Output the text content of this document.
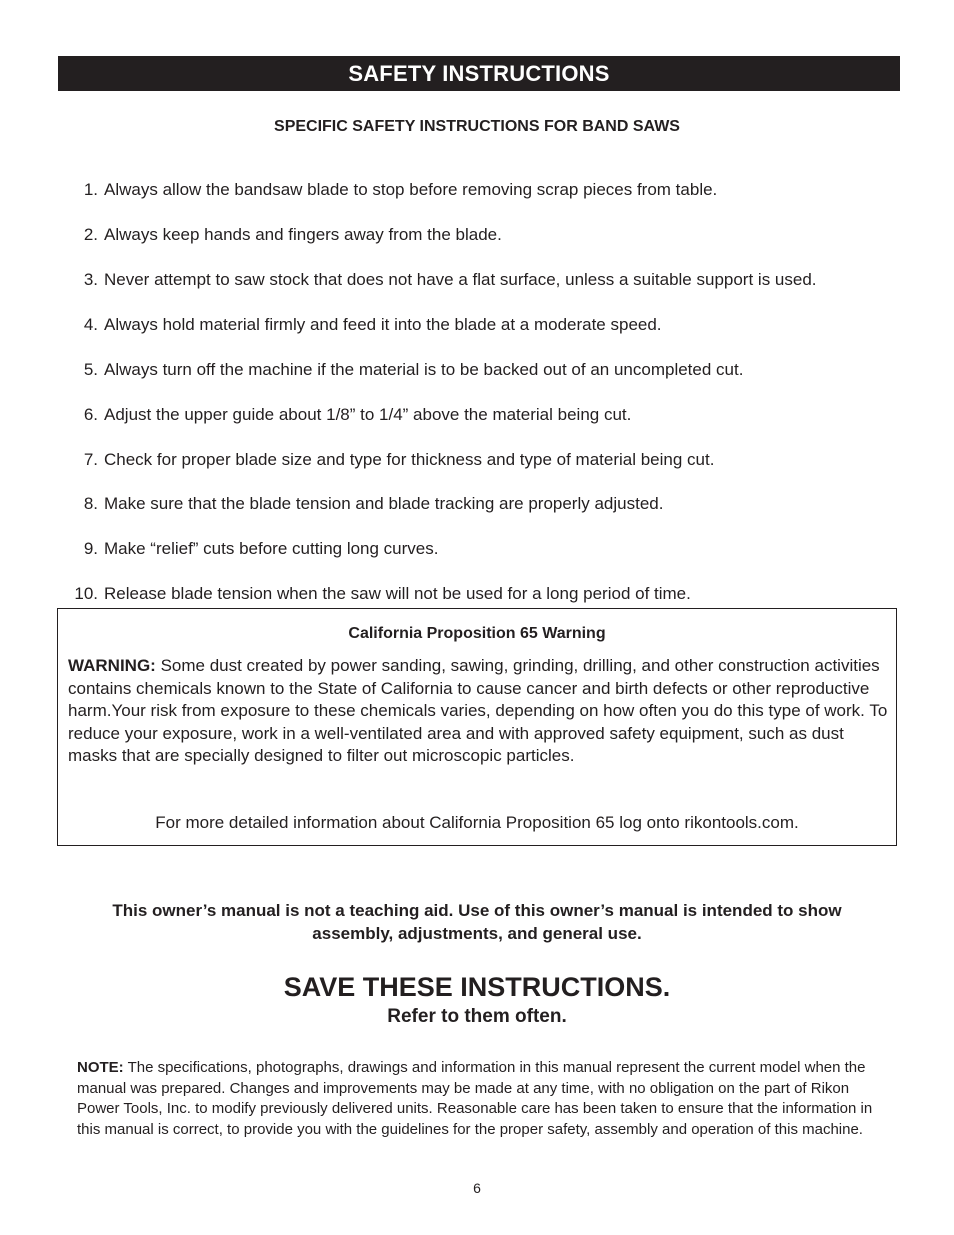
SAFETY INSTRUCTIONS
SPECIFIC SAFETY INSTRUCTIONS FOR BAND SAWS
1. Always allow the bandsaw blade to stop before removing scrap pieces from table.
2. Always keep hands and fingers away from the blade.
3. Never attempt to saw stock that does not have a flat surface, unless a suitable support is used.
4. Always hold material firmly and feed it into the blade at a moderate speed.
5. Always turn off the machine if the material is to be backed out of an uncompleted cut.
6. Adjust the upper guide about 1/8” to 1/4” above the material being cut.
7. Check for proper blade size and type for thickness and type of material being cut.
8. Make sure that the blade tension and blade tracking are properly adjusted.
9. Make “relief” cuts before cutting long curves.
10. Release blade tension when the saw will not be used for a long period of time.
California Proposition 65 Warning
WARNING: Some dust created by power sanding, sawing, grinding, drilling, and other construction activities contains chemicals known to the State of California to cause cancer and birth defects or other reproductive harm.Your risk from exposure to these chemicals varies, depending on how often you do this type of work. To reduce your exposure, work in a well-ventilated area and with approved safety equipment, such as dust masks that are specially designed to filter out microscopic particles.
For more detailed information about California Proposition 65 log onto rikontools.com.
This owner’s manual is not a teaching aid. Use of this owner’s manual is intended to show assembly, adjustments, and general use.
SAVE THESE INSTRUCTIONS.
Refer to them often.
NOTE: The specifications, photographs, drawings and information in this manual represent the current model when the manual was prepared. Changes and improvements may be made at any time, with no obligation on the part of Rikon Power Tools, Inc. to modify previously delivered units. Reasonable care has been taken to ensure that the information in this manual is correct, to provide you with the guidelines for the proper safety, assembly and operation of this machine.
6
